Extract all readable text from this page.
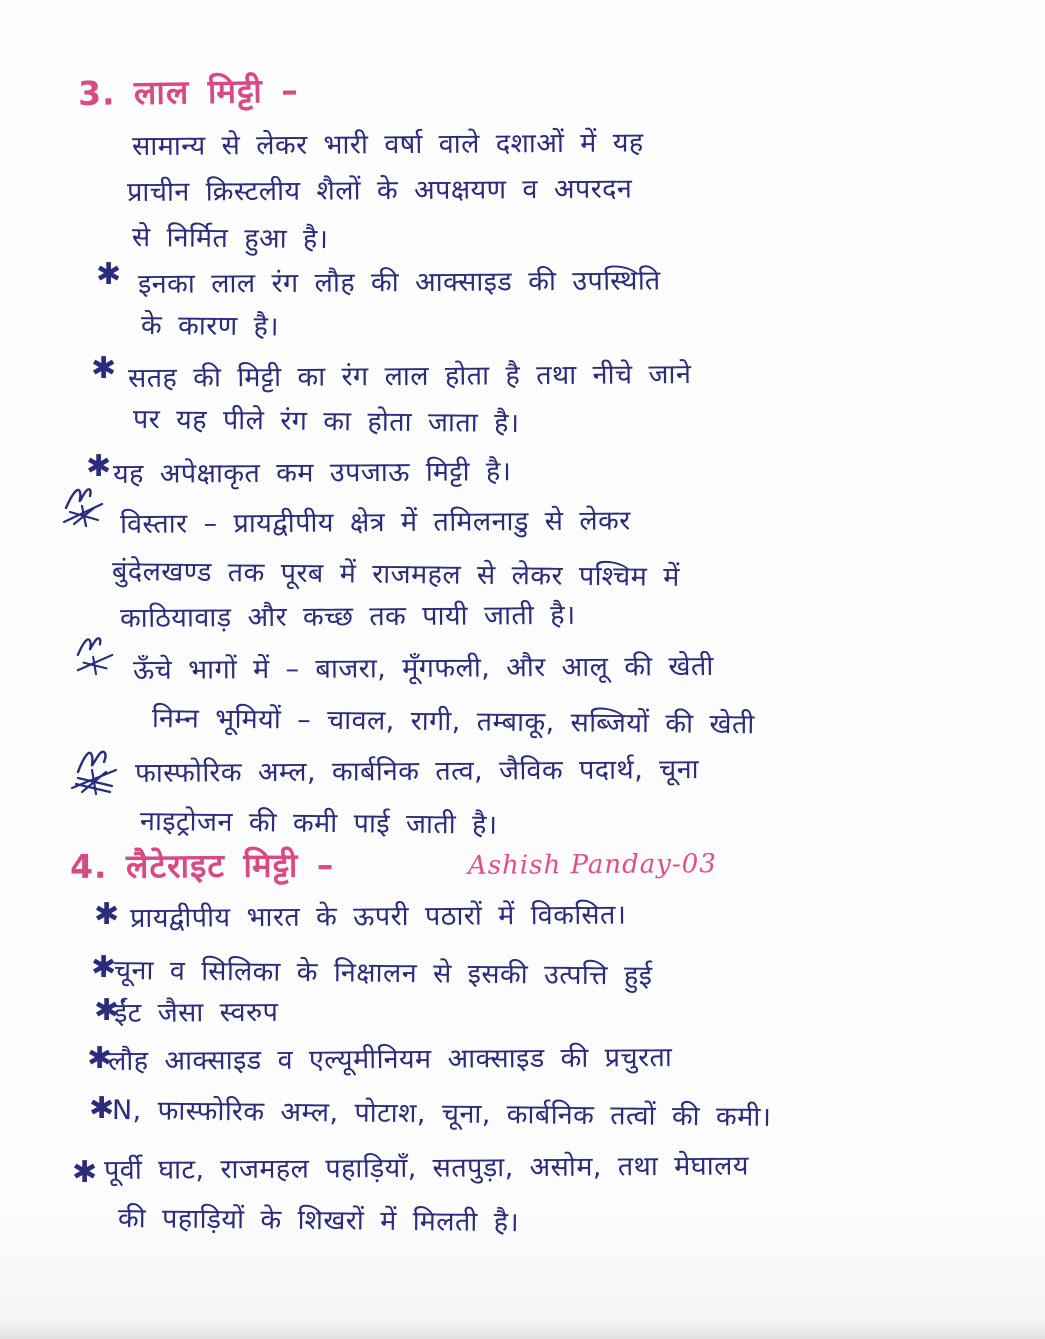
3. लाल मिट्टी –
सामान्य से लेकर भारी वर्षा वाले दशाओं में यह
प्राचीन क्रिस्टलीय शैलों के अपक्षयण व अपरदन
से निर्मित हुआ है।
✱ इनका लाल रंग लौह की आक्साइड की उपस्थिति
के कारण है।
✱ सतह की मिट्टी का रंग लाल होता है तथा नीचे जाने
पर यह पीले रंग का होता जाता है।
✱ यह अपेक्षाकृत कम उपजाऊ मिट्टी है।
विस्तार – प्रायद्वीपीय क्षेत्र में तमिलनाडु से लेकर
बुंदेलखण्ड तक पूरब में राजमहल से लेकर पश्चिम में
काठियावाड़ और कच्छ तक पायी जाती है।
ऊँचे भागों में – बाजरा, मूँगफली, और आलू की खेती
निम्न भूमियों – चावल, रागी, तम्बाकू, सब्जियों की खेती
फास्फोरिक अम्ल, कार्बनिक तत्व, जैविक पदार्थ, चूना
नाइट्रोजन की कमी पाई जाती है।
4. लैटेराइट मिट्टी –	Ashish Panday-03
✱ प्रायद्वीपीय भारत के ऊपरी पठारों में विकसित।
✱
चूना व सिलिका के निक्षालन से इसकी उत्पत्ति हुई
✱
ईंट जैसा स्वरुप
✱
लौह आक्साइड व एल्यूमीनियम आक्साइड की प्रचुरता
✱
N, फास्फोरिक अम्ल, पोटाश, चूना, कार्बनिक तत्वों की कमी।
✱ पूर्वी घाट, राजमहल पहाड़ियाँ, सतपुड़ा, असोम, तथा मेघालय
की पहाड़ियों के शिखरों में मिलती है।
